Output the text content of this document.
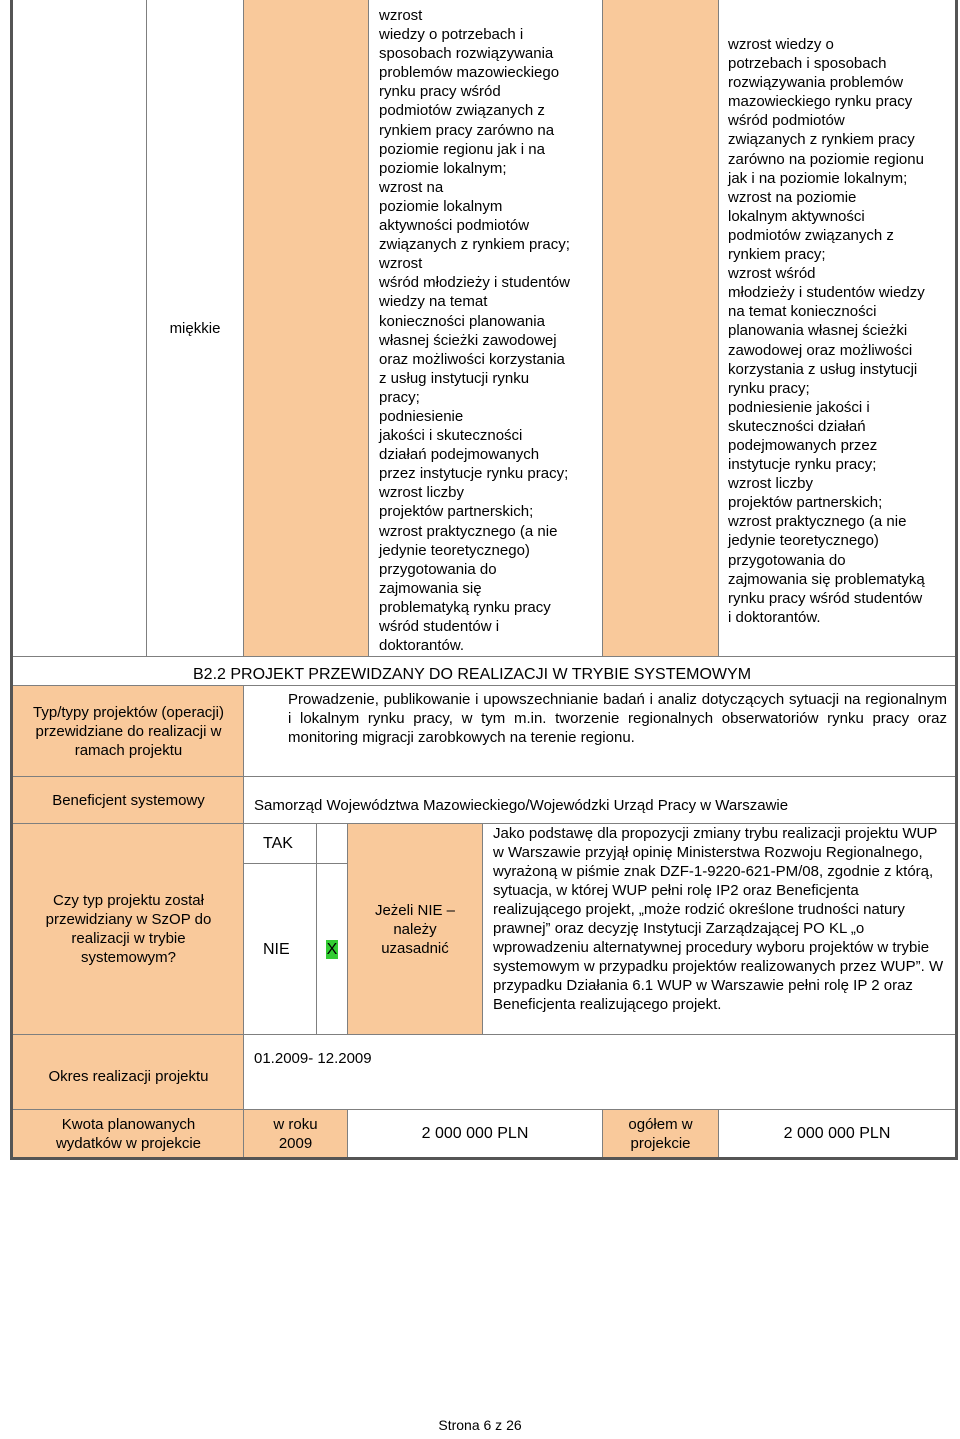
miękkie
wzrost
wiedzy o potrzebach i
sposobach rozwiązywania
problemów mazowieckiego
rynku pracy wśród
podmiotów związanych z
rynkiem pracy zarówno na
poziomie regionu jak i na
poziomie lokalnym;
wzrost na
poziomie lokalnym
aktywności podmiotów
związanych z rynkiem pracy;
wzrost
wśród młodzieży i studentów
wiedzy na temat
konieczności planowania
własnej ścieżki zawodowej
oraz możliwości korzystania
z usług instytucji rynku
pracy;
podniesienie
jakości i skuteczności
działań podejmowanych
przez instytucje rynku pracy;
wzrost liczby
projektów partnerskich;
wzrost praktycznego (a nie
jedynie teoretycznego)
przygotowania do
zajmowania się
problematyką rynku pracy
wśród studentów i
doktorantów.
wzrost wiedzy o
potrzebach i sposobach
rozwiązywania problemów
mazowieckiego rynku pracy
wśród podmiotów
związanych z rynkiem pracy
zarówno na poziomie regionu
jak i na poziomie lokalnym;
wzrost na poziomie
lokalnym aktywności
podmiotów związanych z
rynkiem pracy;
wzrost wśród
młodzieży i studentów wiedzy
na temat konieczności
planowania własnej ścieżki
zawodowej oraz możliwości
korzystania z usług instytucji
rynku pracy;
podniesienie jakości i
skuteczności działań
podejmowanych przez
instytucje rynku pracy;
wzrost liczby
projektów partnerskich;
wzrost praktycznego (a nie
jedynie teoretycznego)
przygotowania do
zajmowania się problematyką
rynku pracy wśród studentów
i doktorantów.
B2.2 PROJEKT PRZEWIDZANY DO REALIZACJI W TRYBIE SYSTEMOWYM
Typ/typy projektów (operacji) przewidziane do realizacji w ramach projektu
Prowadzenie, publikowanie i upowszechnianie badań i analiz dotyczących sytuacji na regionalnym i lokalnym rynku pracy, w tym m.in. tworzenie regionalnych obserwatoriów rynku pracy oraz monitoring migracji zarobkowych na terenie regionu.
Beneficjent systemowy	Samorząd Województwa Mazowieckiego/Wojewódzki Urząd Pracy w Warszawie
Czy typ projektu został przewidziany w SzOP do realizacji w trybie systemowym?
TAK
NIE X
Jeżeli NIE – należy uzasadnić
Jako podstawę dla propozycji zmiany trybu realizacji projektu WUP w Warszawie przyjął opinię Ministerstwa Rozwoju Regionalnego, wyrażoną w piśmie znak DZF-1-9220-621-PM/08, zgodnie z którą, sytuacja, w której WUP pełni rolę IP2 oraz Beneficjenta realizującego projekt, „może rodzić określone trudności natury prawnej” oraz decyzję Instytucji Zarządzającej PO KL „o wprowadzeniu alternatywnej procedury wyboru projektów w trybie systemowym w przypadku projektów realizowanych przez WUP”. W przypadku Działania 6.1 WUP w Warszawie pełni rolę IP 2 oraz Beneficjenta realizującego projekt.
Okres realizacji projektu
01.2009- 12.2009
Kwota planowanych wydatków w projekcie
w roku 2009
2 000 000 PLN
ogółem w projekcie
2 000 000 PLN
Strona 6 z 26
